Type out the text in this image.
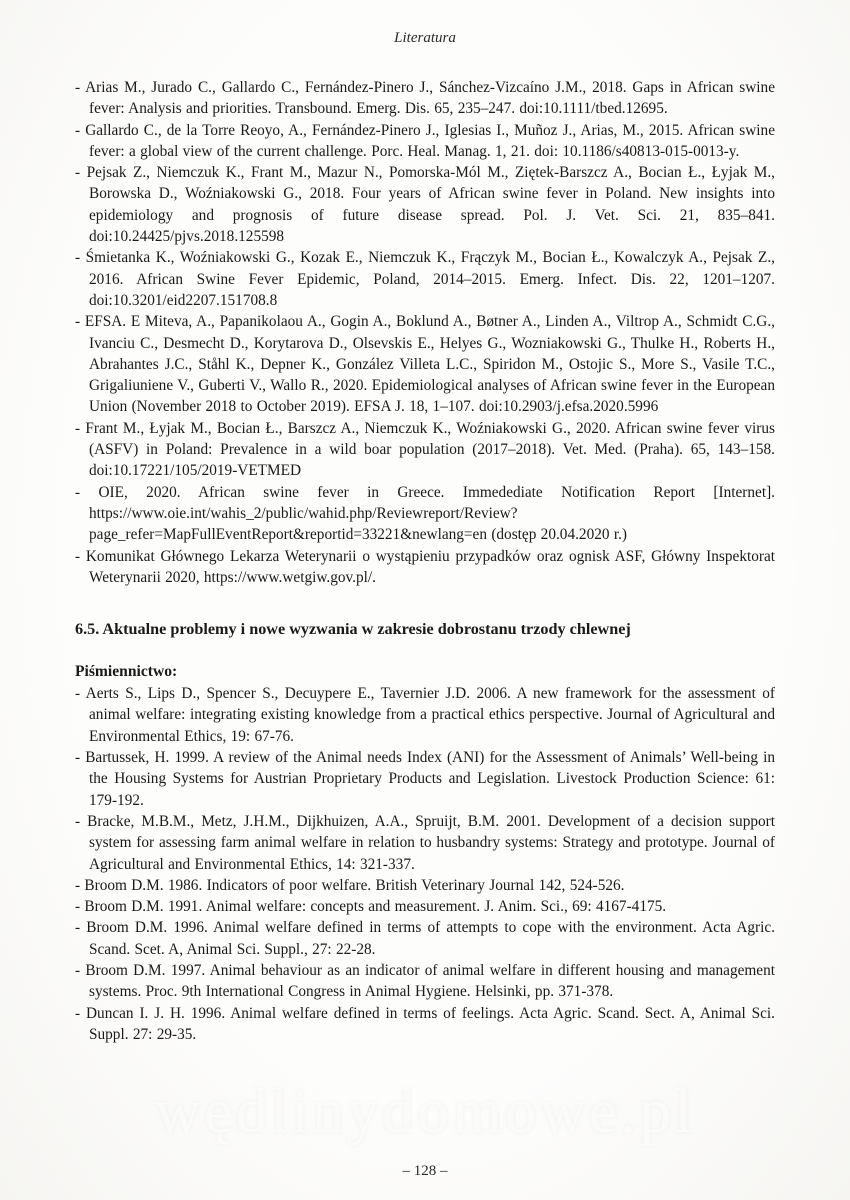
Literatura
- Arias M., Jurado C., Gallardo C., Fernández-Pinero J., Sánchez-Vizcaíno J.M., 2018. Gaps in African swine fever: Analysis and priorities. Transbound. Emerg. Dis. 65, 235–247. doi:10.1111/tbed.12695.
- Gallardo C., de la Torre Reoyo, A., Fernández-Pinero J., Iglesias I., Muñoz J., Arias, M., 2015. African swine fever: a global view of the current challenge. Porc. Heal. Manag. 1, 21. doi: 10.1186/s40813-015-0013-y.
- Pejsak Z., Niemczuk K., Frant M., Mazur N., Pomorska-Mól M., Ziętek-Barszcz A., Bocian Ł., Łyjak M., Borowska D., Woźniakowski G., 2018. Four years of African swine fever in Poland. New insights into epidemiology and prognosis of future disease spread. Pol. J. Vet. Sci. 21, 835–841. doi:10.24425/pjvs.2018.125598
- Śmietanka K., Woźniakowski G., Kozak E., Niemczuk K., Frączyk M., Bocian Ł., Kowalczyk A., Pejsak Z., 2016. African Swine Fever Epidemic, Poland, 2014–2015. Emerg. Infect. Dis. 22, 1201–1207. doi:10.3201/eid2207.151708.8
- EFSA. E Miteva, A., Papanikolaou A., Gogin A., Boklund A., Bøtner A., Linden A., Viltrop A., Schmidt C.G., Ivanciu C., Desmecht D., Korytarova D., Olsevskis E., Helyes G., Wozniakowski G., Thulke H., Roberts H., Abrahantes J.C., Ståhl K., Depner K., González Villeta L.C., Spiridon M., Ostojic S., More S., Vasile T.C., Grigaliuniene V., Guberti V., Wallo R., 2020. Epidemiological analyses of African swine fever in the European Union (November 2018 to October 2019). EFSA J. 18, 1–107. doi:10.2903/j.efsa.2020.5996
- Frant M., Łyjak M., Bocian Ł., Barszcz A., Niemczuk K., Woźniakowski G., 2020. African swine fever virus (ASFV) in Poland: Prevalence in a wild boar population (2017–2018). Vet. Med. (Praha). 65, 143–158. doi:10.17221/105/2019-VETMED
- OIE, 2020. African swine fever in Greece. Immedediate Notification Report [Internet]. https://www.oie.int/wahis_2/public/wahid.php/Reviewreport/Review?page_refer=MapFullEventReport&reportid=33221&newlang=en (dostęp 20.04.2020 r.)
- Komunikat Głównego Lekarza Weterynarii o wystąpieniu przypadków oraz ognisk ASF, Główny Inspektorat Weterynarii 2020, https://www.wetgiw.gov.pl/.
6.5. Aktualne problemy i nowe wyzwania w zakresie dobrostanu trzody chlewnej
Piśmiennictwo:
- Aerts S., Lips D., Spencer S., Decuypere E., Tavernier J.D. 2006. A new framework for the assessment of animal welfare: integrating existing knowledge from a practical ethics perspective. Journal of Agricultural and Environmental Ethics, 19: 67-76.
- Bartussek, H. 1999. A review of the Animal needs Index (ANI) for the Assessment of Animals’ Well-being in the Housing Systems for Austrian Proprietary Products and Legislation. Livestock Production Science: 61: 179-192.
- Bracke, M.B.M., Metz, J.H.M., Dijkhuizen, A.A., Spruijt, B.M. 2001. Development of a decision support system for assessing farm animal welfare in relation to husbandry systems: Strategy and prototype. Journal of Agricultural and Environmental Ethics, 14: 321-337.
- Broom D.M. 1986. Indicators of poor welfare. British Veterinary Journal 142, 524-526.
- Broom D.M. 1991. Animal welfare: concepts and measurement. J. Anim. Sci., 69: 4167-4175.
- Broom D.M. 1996. Animal welfare defined in terms of attempts to cope with the environment. Acta Agric. Scand. Scet. A, Animal Sci. Suppl., 27: 22-28.
- Broom D.M. 1997. Animal behaviour as an indicator of animal welfare in different housing and management systems. Proc. 9th International Congress in Animal Hygiene. Helsinki, pp. 371-378.
- Duncan I. J. H. 1996. Animal welfare defined in terms of feelings. Acta Agric. Scand. Sect. A, Animal Sci. Suppl. 27: 29-35.
wędlinydomowe.pl
– 128 –
